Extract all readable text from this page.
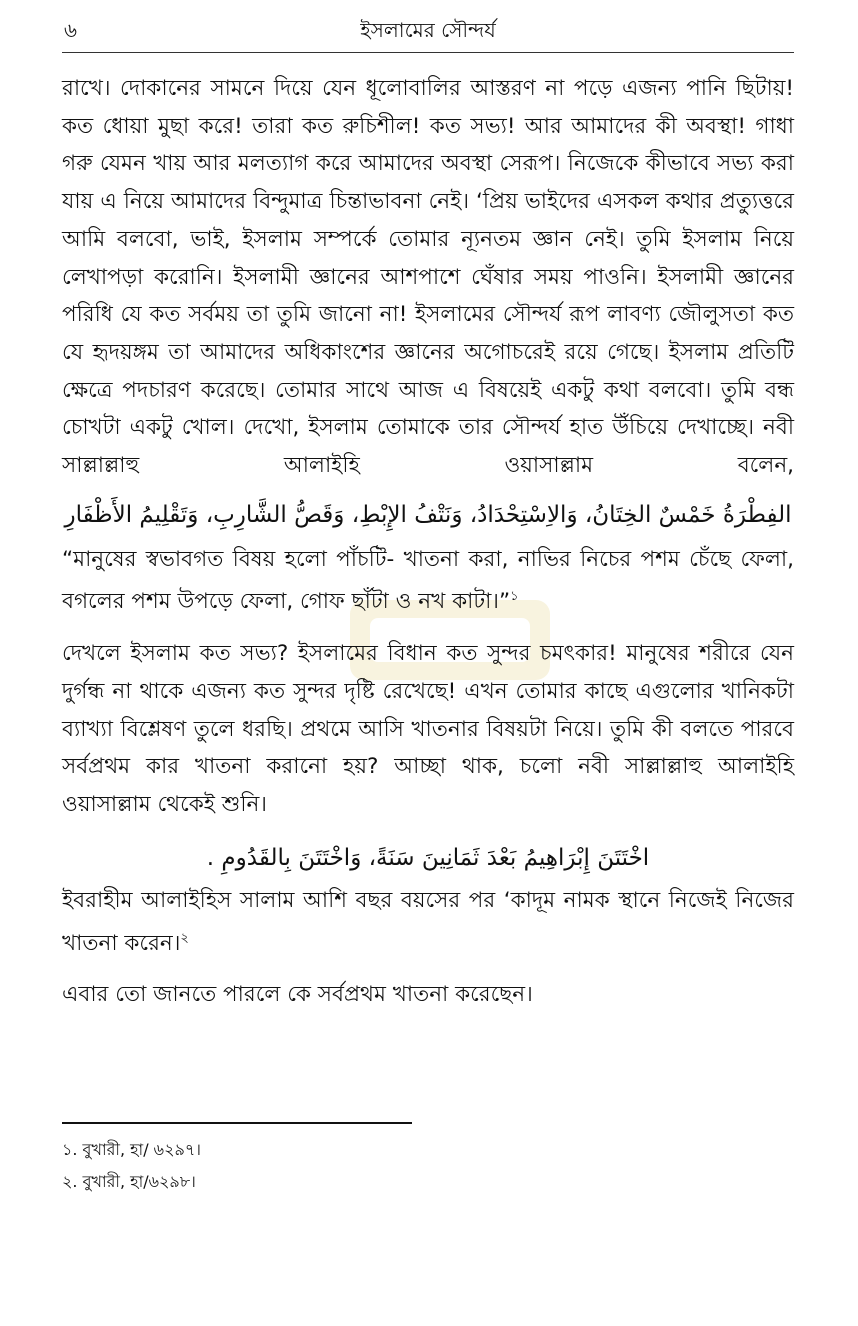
৬	ইসলামের সৌন্দর্য

রাখে। দোকানের সামনে দিয়ে যেন ধূলোবালির আস্তরণ না পড়ে এজন্য পানি ছিটায়! কত ধোয়া মুছা করে! তারা কত রুচিশীল! কত সভ্য! আর আমাদের কী অবস্থা! গাধা গরু যেমন খায় আর মলত্যাগ করে আমাদের অবস্থা সেরূপ। নিজেকে কীভাবে সভ্য করা যায় এ নিয়ে আমাদের বিন্দুমাত্র চিন্তাভাবনা নেই। ‘প্রিয় ভাইদের এসকল কথার প্রত্যুত্তরে আমি বলবো, ভাই, ইসলাম সম্পর্কে তোমার ন্যূনতম জ্ঞান নেই। তুমি ইসলাম নিয়ে লেখাপড়া করোনি। ইসলামী জ্ঞানের আশপাশে ঘেঁষার সময় পাওনি। ইসলামী জ্ঞানের পরিধি যে কত সর্বময় তা তুমি জানো না! ইসলামের সৌন্দর্য রূপ লাবণ্য জৌলুসতা কত যে হৃদয়ঙ্গম তা আমাদের অধিকাংশের জ্ঞানের অগোচরেই রয়ে গেছে। ইসলাম প্রতিটি ক্ষেত্রে পদচারণ করেছে। তোমার সাথে আজ এ বিষয়েই একটু কথা বলবো। তুমি বন্ধ চোখটা একটু খোল। দেখো, ইসলাম তোমাকে তার সৌন্দর্য হাত উঁচিয়ে দেখাচ্ছে। নবী সাল্লাল্লাহু আলাইহি ওয়াসাল্লাম বলেন,

الفِطْرَةُ خَمْسٌ الخِتَانُ، وَالاِسْتِحْدَادُ، وَنَتْفُ الإِبْطِ، وَقَصُّ الشَّارِبِ، وَتَقْلِيمُ الأَظْفَارِ

“মানুষের স্বভাবগত বিষয় হলো পাঁচটি- খাতনা করা, নাভির নিচের পশম চেঁছে ফেলা, বগলের পশম উপড়ে ফেলা, গোফ ছাঁটা ও নখ কাটা।”$^১$

দেখলে ইসলাম কত সভ্য? ইসলামের বিধান কত সুন্দর চমৎকার! মানুষের শরীরে যেন দুর্গন্ধ না থাকে এজন্য কত সুন্দর দৃষ্টি রেখেছে! এখন তোমার কাছে এগুলোর খানিকটা ব্যাখ্যা বিশ্লেষণ তুলে ধরছি। প্রথমে আসি খাতনার বিষয়টা নিয়ে। তুমি কী বলতে পারবে সর্বপ্রথম কার খাতনা করানো হয়? আচ্ছা থাক, চলো নবী সাল্লাল্লাহু আলাইহি ওয়াসাল্লাম থেকেই শুনি।

اخْتَتَنَ إِبْرَاهِيمُ بَعْدَ ثَمَانِينَ سَنَةً، وَاخْتَتَنَ بِالقَدُومِ .

ইবরাহীম আলাইহিস সালাম আশি বছর বয়সের পর ‘কাদূম নামক স্থানে নিজেই নিজের খাতনা করেন।$^২$

এবার তো জানতে পারলে কে সর্বপ্রথম খাতনা করেছেন।

১. বুখারী, হা/ ৬২৯৭।
২. বুখারী, হা/৬২৯৮।
